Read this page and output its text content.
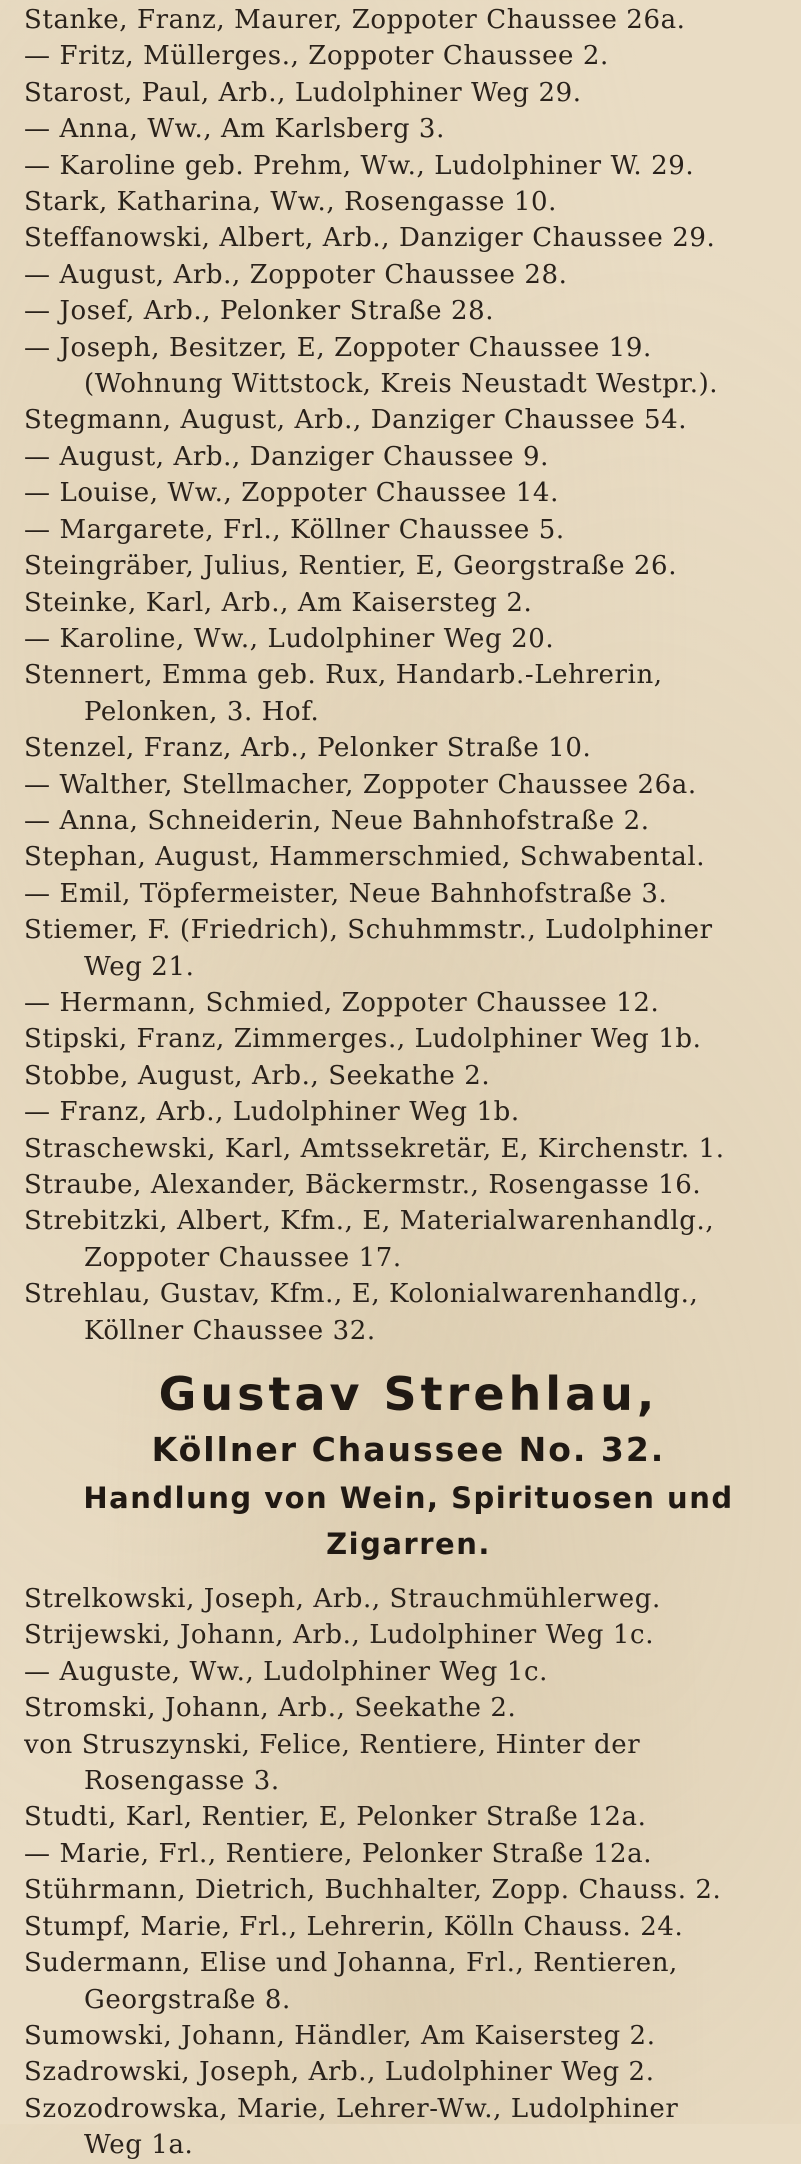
Stanke, Franz, Maurer, Zoppoter Chaussee 26a.
— Fritz, Müllerges., Zoppoter Chaussee 2.
Starost, Paul, Arb., Ludolphiner Weg 29.
— Anna, Ww., Am Karlsberg 3.
— Karoline geb. Prehm, Ww., Ludolphiner W. 29.
Stark, Katharina, Ww., Rosengasse 10.
Steffanowski, Albert, Arb., Danziger Chaussee 29.
— August, Arb., Zoppoter Chaussee 28.
— Josef, Arb., Pelonker Straße 28.
— Joseph, Besitzer, E, Zoppoter Chaussee 19.
(Wohnung Wittstock, Kreis Neustadt Westpr.).
Stegmann, August, Arb., Danziger Chaussee 54.
— August, Arb., Danziger Chaussee 9.
— Louise, Ww., Zoppoter Chaussee 14.
— Margarete, Frl., Köllner Chaussee 5.
Steingräber, Julius, Rentier, E, Georgstraße 26.
Steinke, Karl, Arb., Am Kaisersteg 2.
— Karoline, Ww., Ludolphiner Weg 20.
Stennert, Emma geb. Rux, Handarb.-Lehrerin,
Pelonken, 3. Hof.
Stenzel, Franz, Arb., Pelonker Straße 10.
— Walther, Stellmacher, Zoppoter Chaussee 26a.
— Anna, Schneiderin, Neue Bahnhofstraße 2.
Stephan, August, Hammerschmied, Schwabental.
— Emil, Töpfermeister, Neue Bahnhofstraße 3.
Stiemer, F. (Friedrich), Schuhmmstr., Ludolphiner
Weg 21.
— Hermann, Schmied, Zoppoter Chaussee 12.
Stipski, Franz, Zimmerges., Ludolphiner Weg 1b.
Stobbe, August, Arb., Seekathe 2.
— Franz, Arb., Ludolphiner Weg 1b.
Straschewski, Karl, Amtssekretär, E, Kirchenstr. 1.
Straube, Alexander, Bäckermstr., Rosengasse 16.
Strebitzki, Albert, Kfm., E, Materialwarenhandlg.,
Zoppoter Chaussee 17.
Strehlau, Gustav, Kfm., E, Kolonialwarenhandlg.,
Köllner Chaussee 32.
Gustav Strehlau,
Köllner Chaussee No. 32.
Handlung von Wein, Spirituosen und Zigarren.
Strelkowski, Joseph, Arb., Strauchmühlerweg.
Strijewski, Johann, Arb., Ludolphiner Weg 1c.
— Auguste, Ww., Ludolphiner Weg 1c.
Stromski, Johann, Arb., Seekathe 2.
von Struszynski, Felice, Rentiere, Hinter der
Rosengasse 3.
Studti, Karl, Rentier, E, Pelonker Straße 12a.
— Marie, Frl., Rentiere, Pelonker Straße 12a.
Stührmann, Dietrich, Buchhalter, Zopp. Chauss. 2.
Stumpf, Marie, Frl., Lehrerin, Kölln Chauss. 24.
Sudermann, Elise und Johanna, Frl., Rentieren,
Georgstraße 8.
Sumowski, Johann, Händler, Am Kaisersteg 2.
Szadrowski, Joseph, Arb., Ludolphiner Weg 2.
Szozodrowska, Marie, Lehrer-Ww., Ludolphiner
Weg 1a.
